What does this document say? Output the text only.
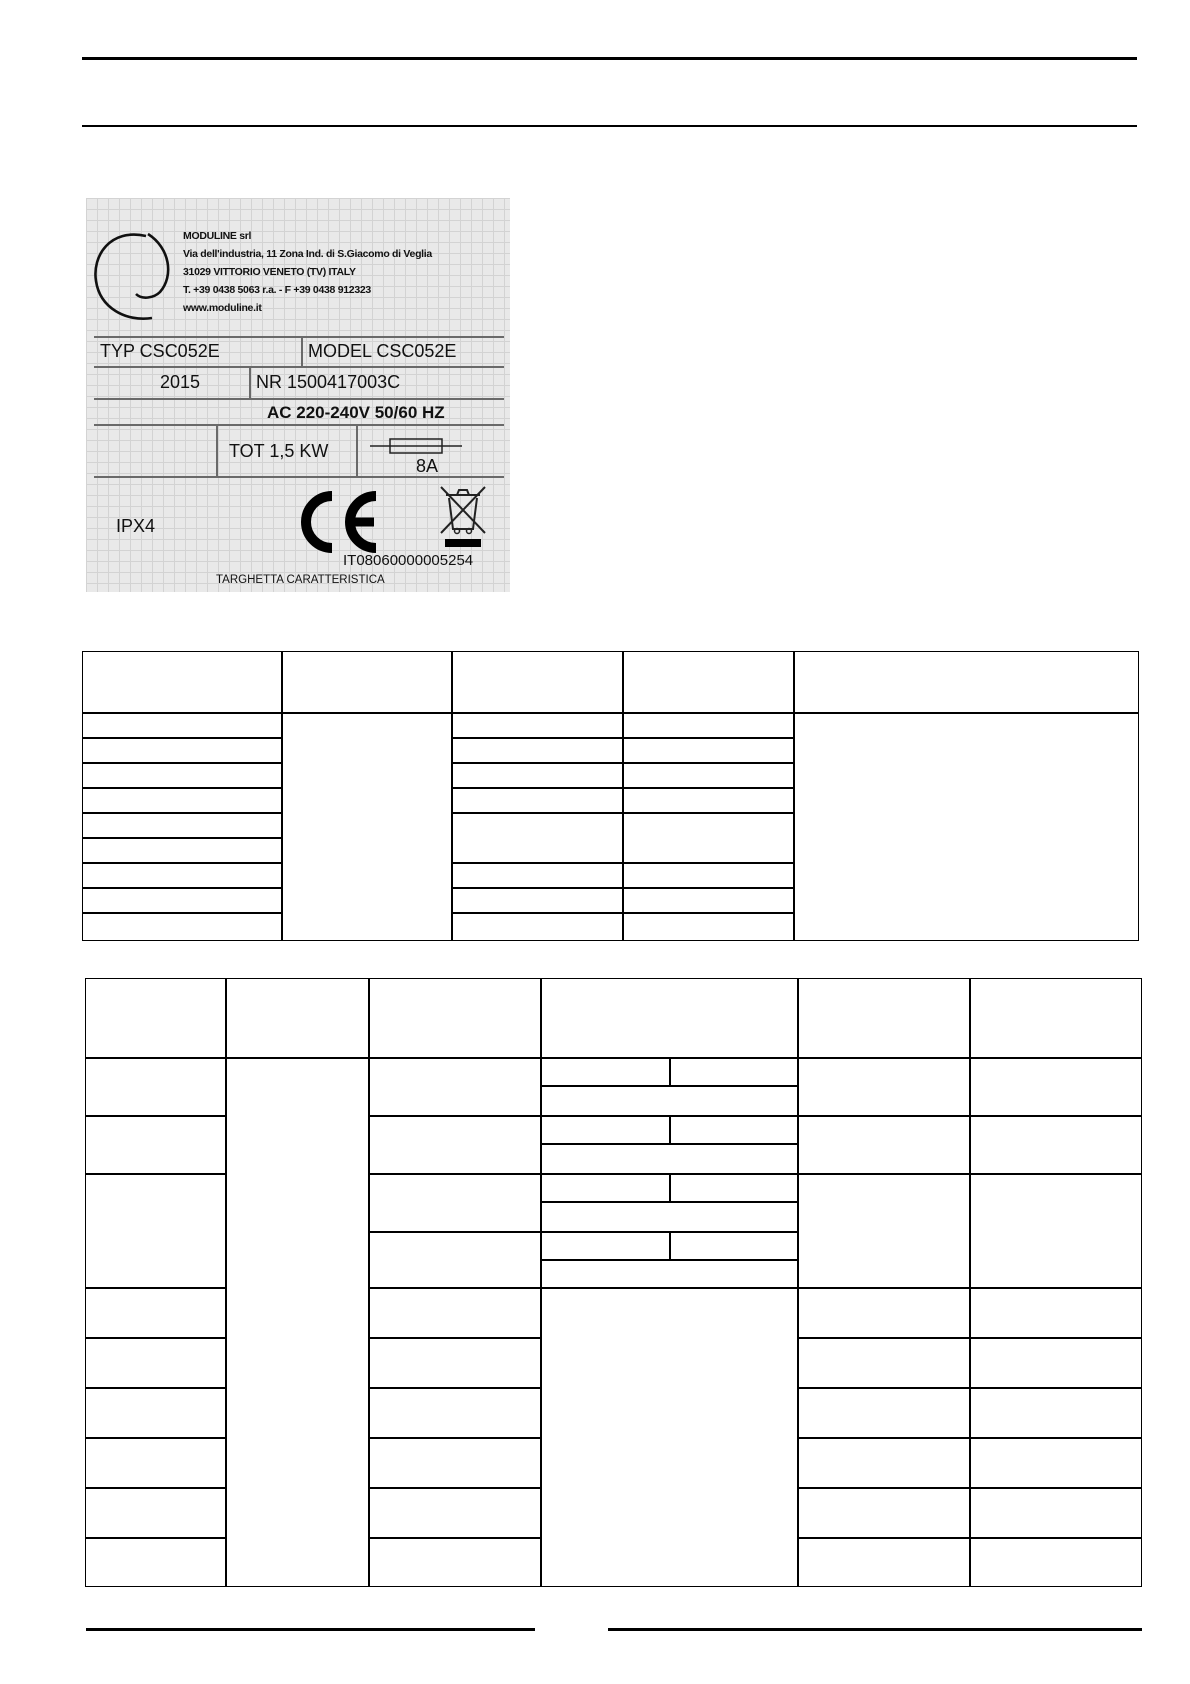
MODULINE srl
Via dell'industria, 11 Zona Ind. di S.Giacomo di Veglia
31029 VITTORIO VENETO (TV) ITALY
T. +39 0438 5063 r.a. - F +39 0438 912323
www.moduline.it
TYP CSC052E	MODEL CSC052E
2015	NR 1500417003C
AC 220-240V 50/60 HZ
TOT 1,5 KW
8A
IPX4
IT08060000005254
TARGHETTA CARATTERISTICA
